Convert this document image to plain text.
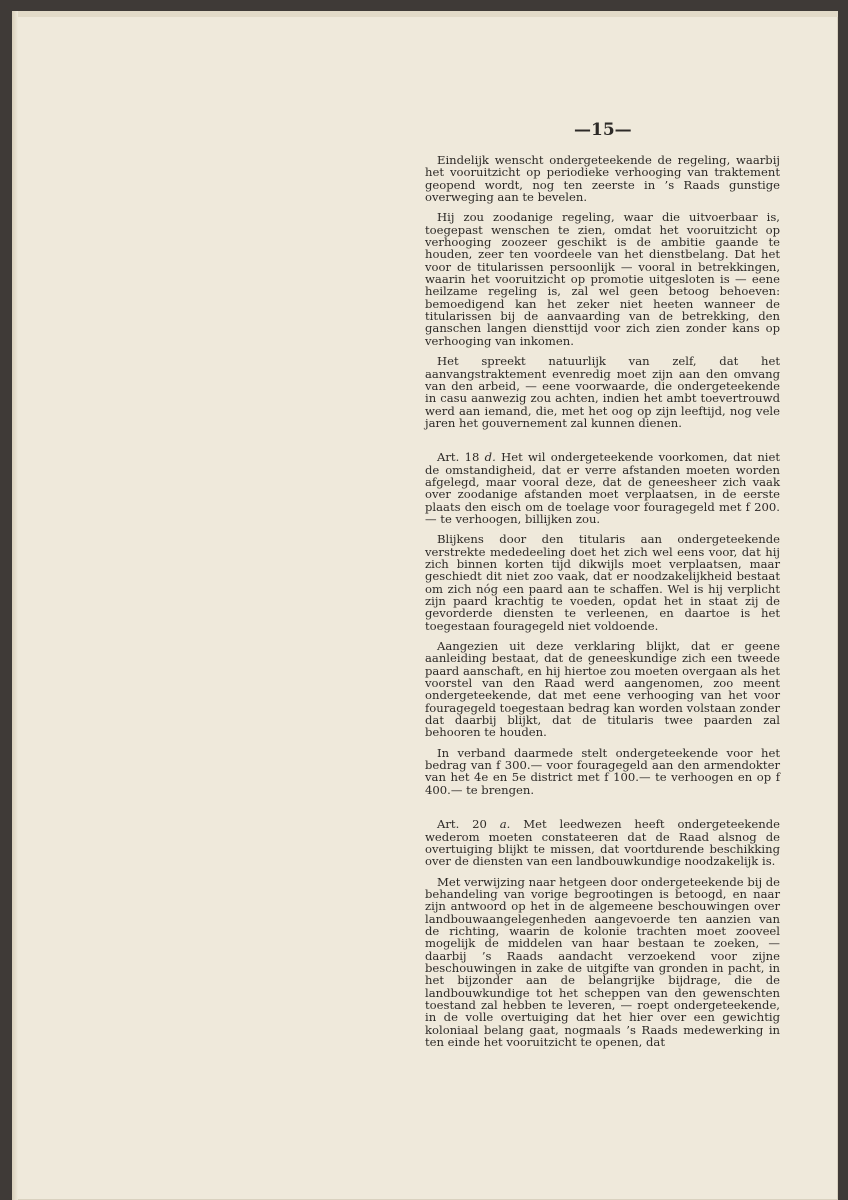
—15—

Eindelijk wenscht ondergeteekende de regeling, waarbij het vooruitzicht op periodieke verhooging van traktement geopend wordt, nog ten zeerste in ’s Raads gunstige overweging aan te bevelen.

Hij zou zoodanige regeling, waar die uitvoerbaar is, toegepast wenschen te zien, omdat het vooruitzicht op verhooging zoozeer geschikt is de ambitie gaande te houden, zeer ten voordeele van het dienstbelang. Dat het voor de titularissen persoonlijk — vooral in betrekkingen, waarin het vooruitzicht op promotie uitgesloten is — eene heilzame regeling is, zal wel geen betoog behoeven: bemoedigend kan het zeker niet heeten wanneer de titularissen bij de aanvaarding van de betrekking, den ganschen langen diensttijd voor zich zien zonder kans op verhooging van inkomen.

Het spreekt natuurlijk van zelf, dat het aanvangstraktement evenredig moet zijn aan den omvang van den arbeid, — eene voorwaarde, die ondergeteekende in casu aanwezig zou achten, indien het ambt toevertrouwd werd aan iemand, die, met het oog op zijn leeftijd, nog vele jaren het gouvernement zal kunnen dienen.

Art. 18 d. Het wil ondergeteekende voorkomen, dat niet de omstandigheid, dat er verre afstanden moeten worden afgelegd, maar vooral deze, dat de geneesheer zich vaak over zoodanige afstanden moet verplaatsen, in de eerste plaats den eisch om de toelage voor fouragegeld met f 200.— te verhoogen, billijken zou.

Blijkens door den titularis aan ondergeteekende verstrekte mededeeling doet het zich wel eens voor, dat hij zich binnen korten tijd dikwijls moet verplaatsen, maar geschiedt dit niet zoo vaak, dat er noodzakelijkheid bestaat om zich nóg een paard aan te schaffen. Wel is hij verplicht zijn paard krachtig te voeden, opdat het in staat zij de gevorderde diensten te verleenen, en daartoe is het toegestaan fouragegeld niet voldoende.

Aangezien uit deze verklaring blijkt, dat er geene aanleiding bestaat, dat de geneeskundige zich een tweede paard aanschaft, en hij hiertoe zou moeten overgaan als het voorstel van den Raad werd aangenomen, zoo meent ondergeteekende, dat met eene verhooging van het voor fouragegeld toegestaan bedrag kan worden volstaan zonder dat daarbij blijkt, dat de titularis twee paarden zal behooren te houden.

In verband daarmede stelt ondergeteekende voor het bedrag van f 300.— voor fouragegeld aan den armendokter van het 4e en 5e district met f 100.— te verhoogen en op f 400.— te brengen.

Art. 20 a. Met leedwezen heeft ondergeteekende wederom moeten constateeren dat de Raad alsnog de overtuiging blijkt te missen, dat voortdurende beschikking over de diensten van een landbouwkundige noodzakelijk is.

Met verwijzing naar hetgeen door ondergeteekende bij de behandeling van vorige begrootingen is betoogd, en naar zijn antwoord op het in de algemeene beschouwingen over landbouwaangelegenheden aangevoerde ten aanzien van de richting, waarin de kolonie trachten moet zooveel mogelijk de middelen van haar bestaan te zoeken, — daarbij ’s Raads aandacht verzoekend voor zijne beschouwingen in zake de uitgifte van gronden in pacht, in het bijzonder aan de belangrijke bijdrage, die de landbouwkundige tot het scheppen van den gewenschten toestand zal hebben te leveren, — roept ondergeteekende, in de volle overtuiging dat het hier over een gewichtig koloniaal belang gaat, nogmaals ’s Raads medewerking in ten einde het vooruitzicht te openen, dat
